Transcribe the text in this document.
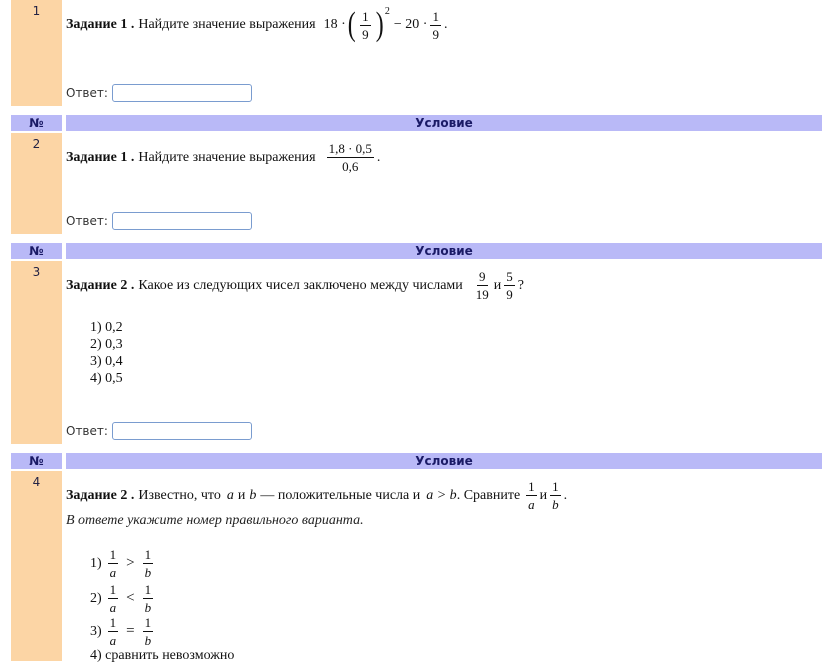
1
Задание 1 . Найдите значение выражения 18 · ( $\frac{1}{9} )^2$
− $20 \cdot \frac{1}{9}$ .
Ответ:
№	Условие
2
Задание 1 . Найдите значение выражения $\frac{1,8 \cdot 0,5}{0,6}$ .
Ответ:
№	Условие
3
Задание 2 . Какое из следующих чисел заключено между числами $\frac{9}{19}$ и $\frac{5}{9}$ ?
1) 0,2
2) 0,3
3) 0,4
4) 0,5
Ответ:
№	Условие
4
Задание 2 . Известно, что a и b — положительные числа и a > b . Сравните $\frac{1}{a}$ и $\frac{1}{b}$ .
В ответе укажите номер правильного варианта.
$1) \frac{1}{a} > \frac{1}{b}$
$2) \frac{1}{a} < \frac{1}{b}$
$3) \frac{1}{a} = \frac{1}{b}$
4) сравнить невозможно
